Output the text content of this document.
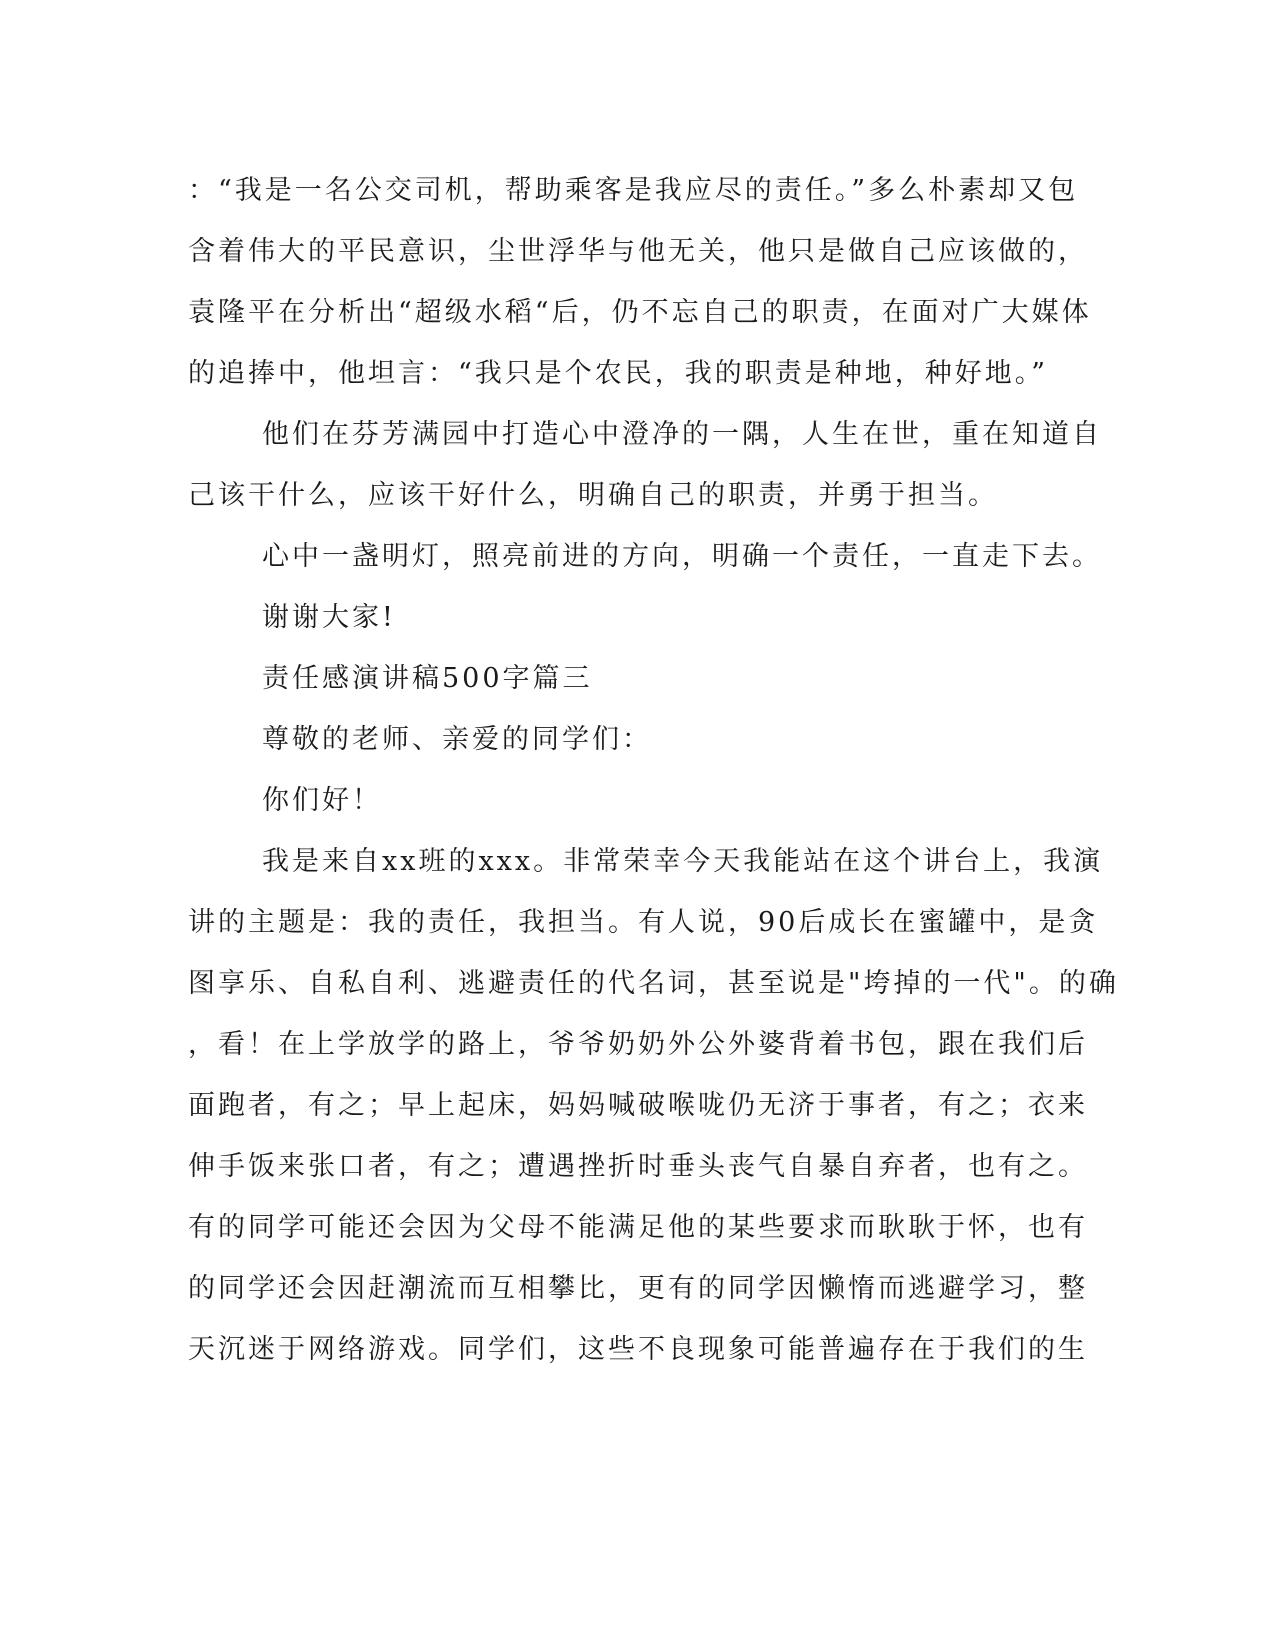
：“我是一名公交司机，帮助乘客是我应尽的责任。”多么朴素却又包
含着伟大的平民意识，尘世浮华与他无关，他只是做自己应该做的，
袁隆平在分析出“超级水稻“后，仍不忘自己的职责，在面对广大媒体
的追捧中，他坦言：“我只是个农民，我的职责是种地，种好地。”
他们在芬芳满园中打造心中澄净的一隅，人生在世，重在知道自
己该干什么，应该干好什么，明确自己的职责，并勇于担当。
心中一盏明灯，照亮前进的方向，明确一个责任，一直走下去。
谢谢大家!
责任感演讲稿500字篇三
尊敬的老师、亲爱的同学们：
你们好！
我是来自xx班的xxx。非常荣幸今天我能站在这个讲台上，我演
讲的主题是：我的责任，我担当。有人说，90后成长在蜜罐中，是贪
图享乐、自私自利、逃避责任的代名词，甚至说是"垮掉的一代"。的确
，看！在上学放学的路上，爷爷奶奶外公外婆背着书包，跟在我们后
面跑者，有之；早上起床，妈妈喊破喉咙仍无济于事者，有之；衣来
伸手饭来张口者，有之；遭遇挫折时垂头丧气自暴自弃者，也有之。
有的同学可能还会因为父母不能满足他的某些要求而耿耿于怀，也有
的同学还会因赶潮流而互相攀比，更有的同学因懒惰而逃避学习，整
天沉迷于网络游戏。同学们，这些不良现象可能普遍存在于我们的生
